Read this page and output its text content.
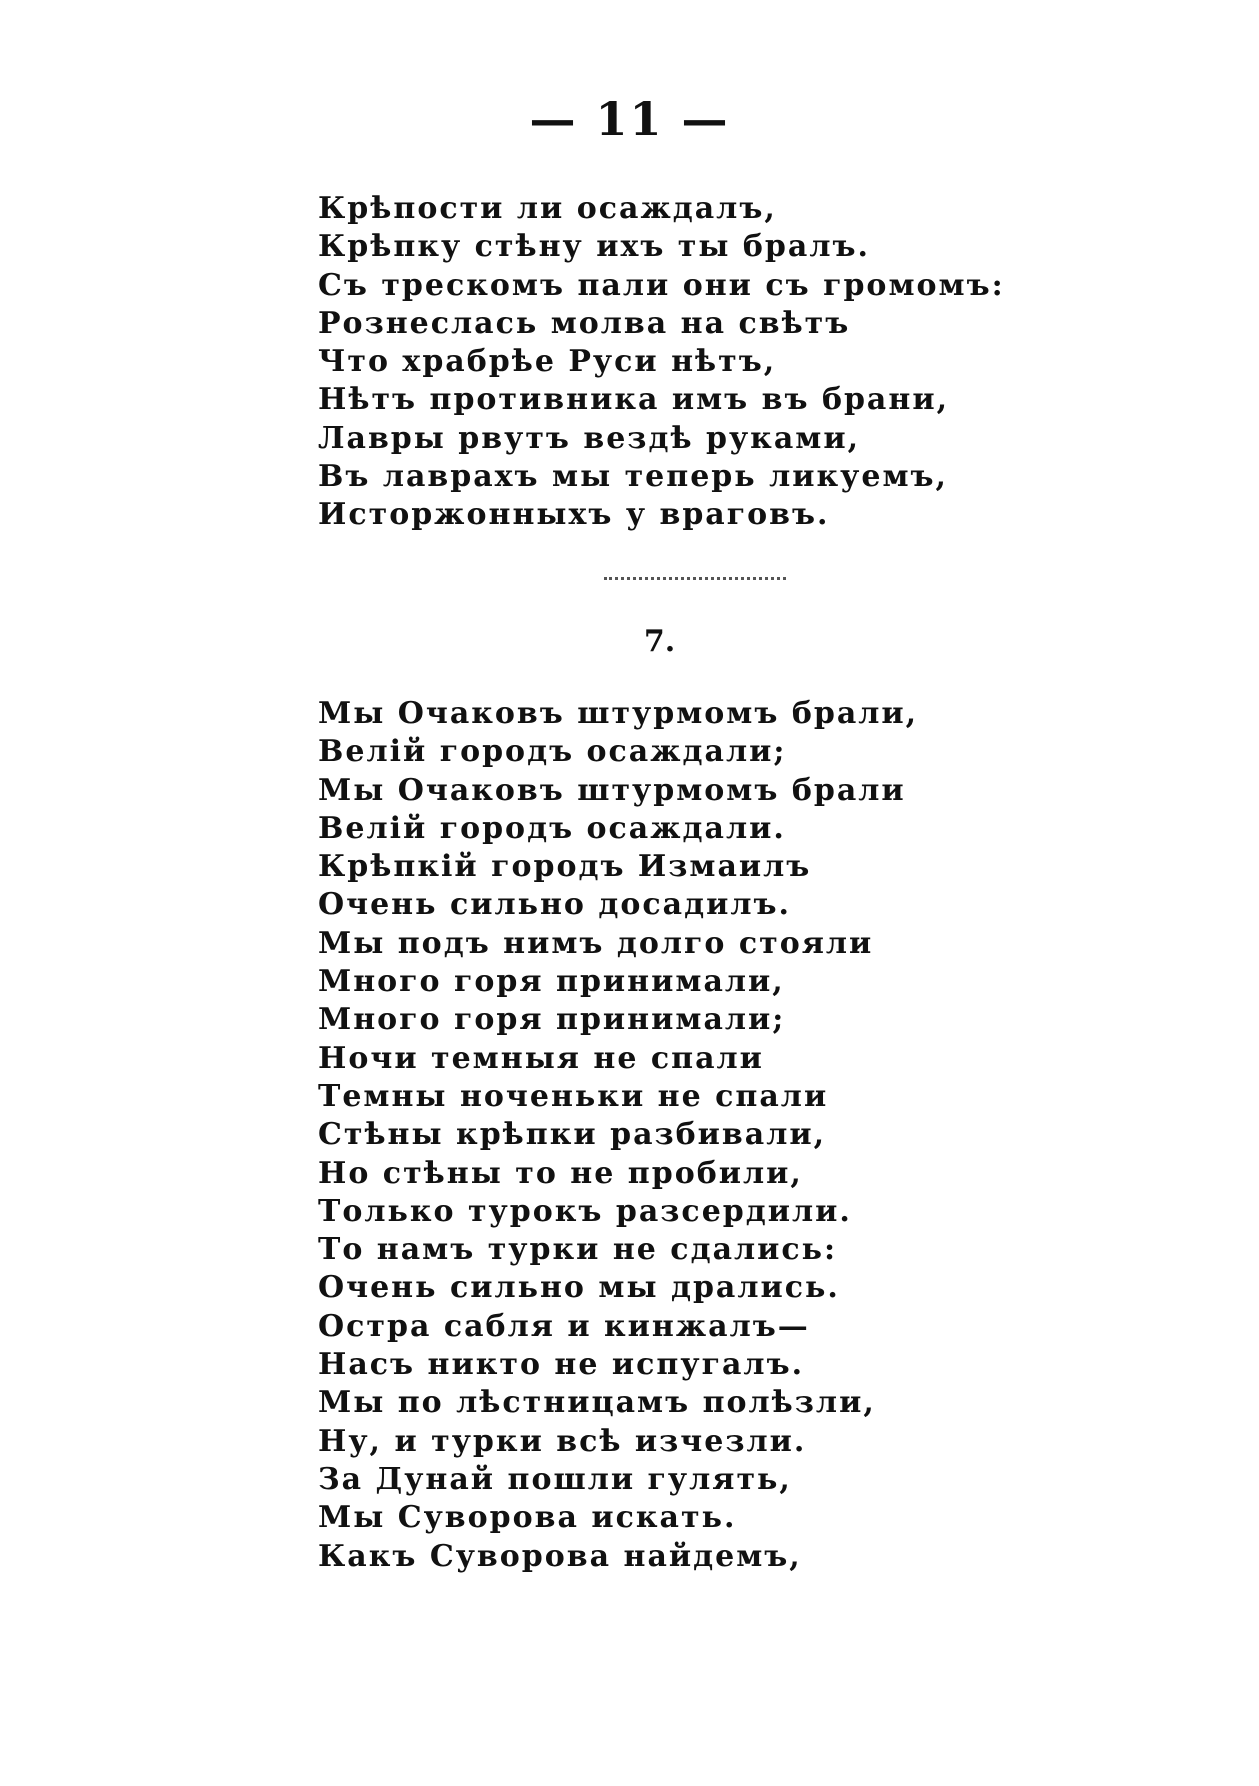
— 11 —
Крѣпости ли осаждалъ,
Крѣпку стѣну ихъ ты бралъ.
Съ трескомъ пали они съ громомъ:
Рознеслась молва на свѣтъ
Что храбрѣе Руси нѣтъ,
Нѣтъ противника имъ въ брани,
Лавры рвутъ вездѣ руками,
Въ лаврахъ мы теперь ликуемъ,
Исторжонныхъ у враговъ.
7.
Мы Очаковъ штурмомъ брали,
Велій городъ осаждали;
Мы Очаковъ штурмомъ брали
Велій городъ осаждали.
Крѣпкій городъ Измаилъ
Очень сильно досадилъ.
Мы подъ нимъ долго стояли
Много горя принимали,
Много горя принимали;
Ночи темныя не спали
Темны ноченьки не спали
Стѣны крѣпки разбивали,
Но стѣны то не пробили,
Только турокъ разсердили.
То намъ турки не сдались:
Очень сильно мы дрались.
Остра сабля и кинжалъ—
Насъ никто не испугалъ.
Мы по лѣстницамъ полѣзли,
Ну, и турки всѣ изчезли.
За Дунай пошли гулять,
Мы Суворова искать.
Какъ Суворова найдемъ,
